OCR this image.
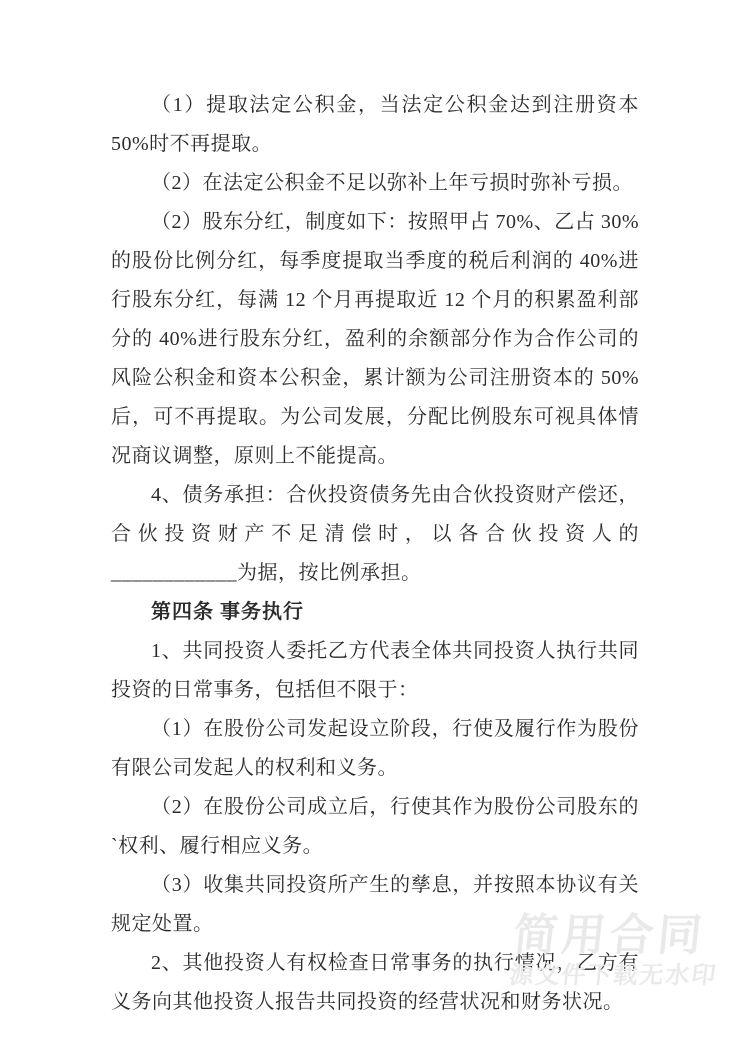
（1）提取法定公积金，当法定公积金达到注册资本 50%时不再提取。

（2）在法定公积金不足以弥补上年亏损时弥补亏损。

（2）股东分红，制度如下：按照甲占 70%、乙占 30%的股份比例分红，每季度提取当季度的税后利润的 40%进行股东分红，每满 12 个月再提取近 12 个月的积累盈利部分的 40%进行股东分红，盈利的余额部分作为合作公司的风险公积金和资本公积金，累计额为公司注册资本的 50%后，可不再提取。为公司发展，分配比例股东可视具体情况商议调整，原则上不能提高。

4、债务承担：合伙投资债务先由合伙投资财产偿还，合伙投资财产不足清偿时，以各合伙投资人的____________为据，按比例承担。

第四条 事务执行

1、共同投资人委托乙方代表全体共同投资人执行共同投资的日常事务，包括但不限于：

（1）在股份公司发起设立阶段，行使及履行作为股份有限公司发起人的权利和义务。

（2）在股份公司成立后，行使其作为股份公司股东的`权利、履行相应义务。

（3）收集共同投资所产生的孳息，并按照本协议有关规定处置。

2、其他投资人有权检查日常事务的执行情况，乙方有义务向其他投资人报告共同投资的经营状况和财务状况。

简用合同
源文件下载无水印
